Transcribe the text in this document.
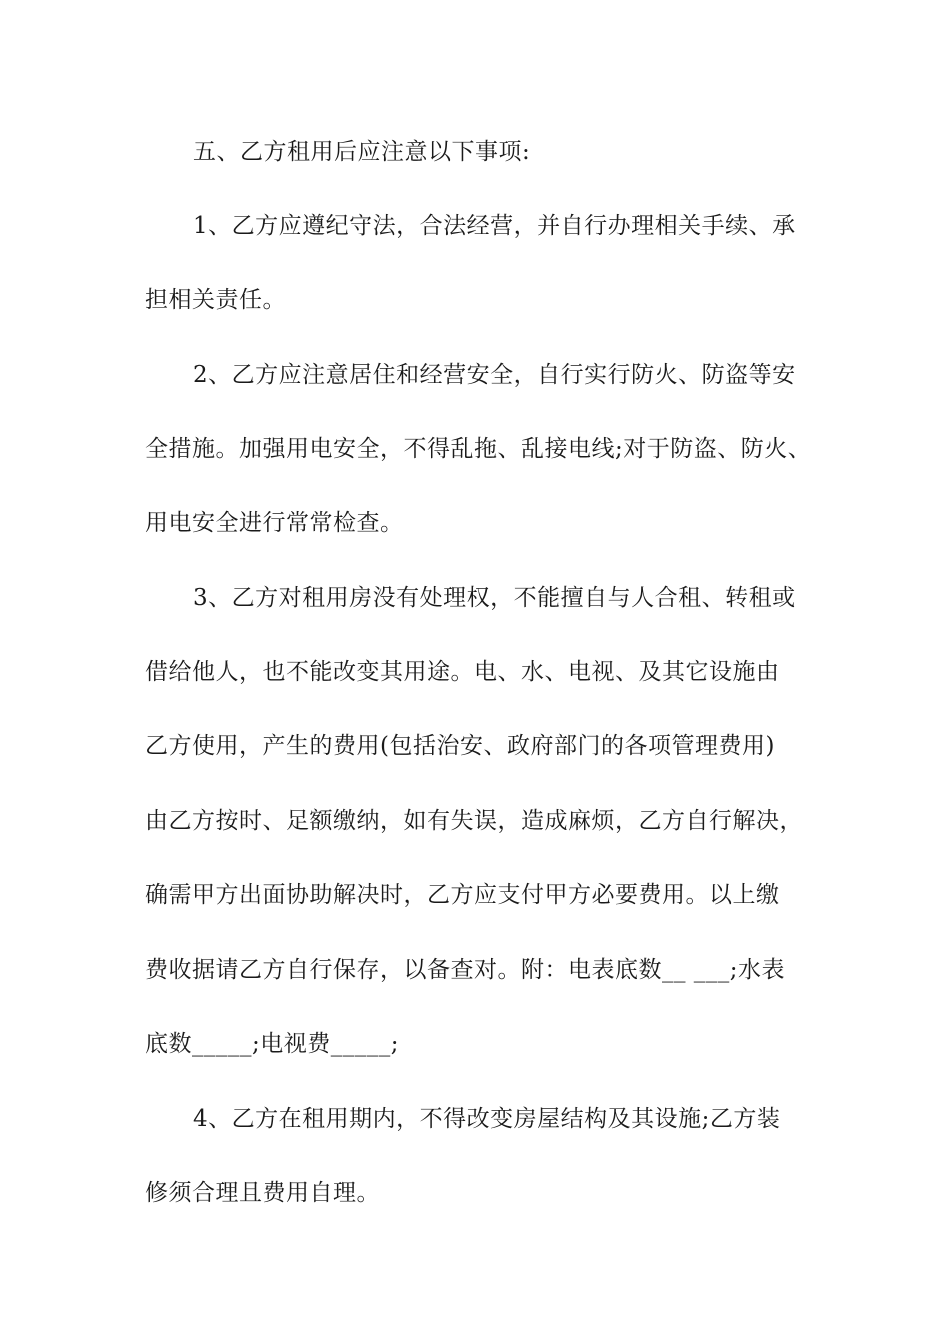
五、乙方租用后应注意以下事项:
1、乙方应遵纪守法，合法经营，并自行办理相关手续、承
担相关责任。
2、乙方应注意居住和经营安全，自行实行防火、防盗等安
全措施。加强用电安全，不得乱拖、乱接电线;对于防盗、防火、
用电安全进行常常检查。
3、乙方对租用房没有处理权，不能擅自与人合租、转租或
借给他人，也不能改变其用途。电、水、电视、及其它设施由
乙方使用，产生的费用(包括治安、政府部门的各项管理费用)
由乙方按时、足额缴纳，如有失误，造成麻烦，乙方自行解决，
确需甲方出面协助解决时，乙方应支付甲方必要费用。以上缴
费收据请乙方自行保存，以备查对。附：电表底数__ ___;水表
底数_____;电视费_____;
4、乙方在租用期内，不得改变房屋结构及其设施;乙方装
修须合理且费用自理。
